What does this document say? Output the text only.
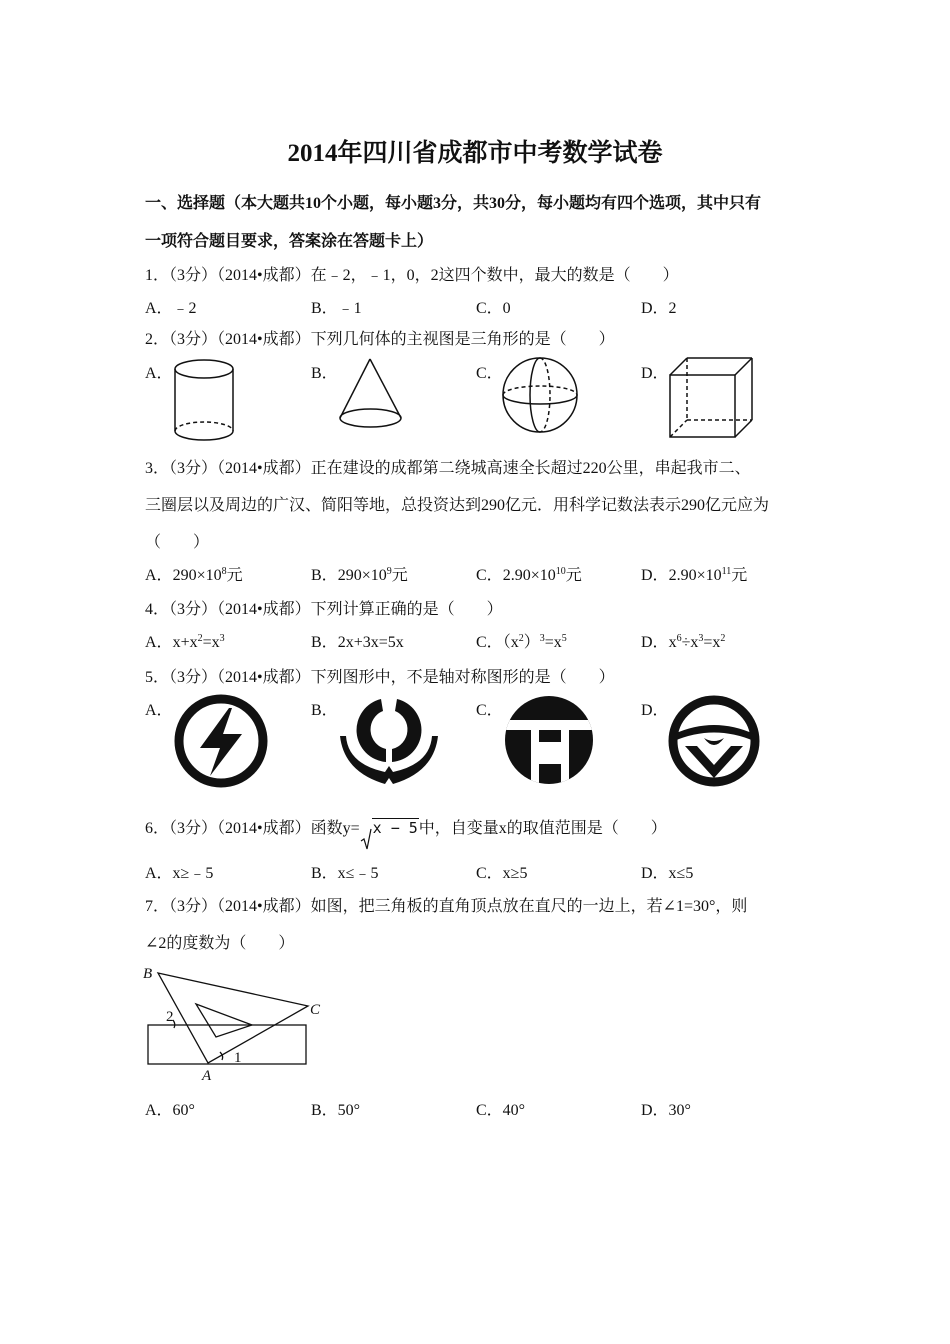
2014年四川省成都市中考数学试卷
一、选择题（本大题共10个小题，每小题3分，共30分，每小题均有四个选项，其中只有
一项符合题目要求，答案涂在答题卡上）
1．（3分）（2014•成都）在﹣2，﹣1，0，2这四个数中，最大的数是（　　）
A．﹣2	B．﹣1	C．0	D．2
2．（3分）（2014•成都）下列几何体的主视图是三角形的是（　　）
A．	B．	C．	D．
3．（3分）（2014•成都）正在建设的成都第二绕城高速全长超过220公里，串起我市二、
三圈层以及周边的广汉、简阳等地，总投资达到290亿元．用科学记数法表示290亿元应为
（　　）
A．$290\times 10^8$元	B．$290\times 10^9$元	C．$2.90\times 10^{10}$元	D．$2.90\times 10^{11}$元
4．（3分）（2014•成都）下列计算正确的是（　　）
A．$x+x^2=x^3$	B．2x+3x=5x	C．$(x^2)^3=x^5$	D．$x^6\div x^3=x^2$
5．（3分）（2014•成都）下列图形中，不是轴对称图形的是（　　）
A．	B．	C．	D．
6．（3分）（2014•成都）函数y= x − 5中，自变量x的取值范围是（　　）
A．x≥﹣5	B．x≤﹣5	C．x≥5	D．x≤5
7．（3分）（2014•成都）如图，把三角板的直角顶点放在直尺的一边上，若∠1=30°，则
∠2的度数为（　　）
B
C
A
1
2
A．60°	B．50°	C．40°	D．30°
